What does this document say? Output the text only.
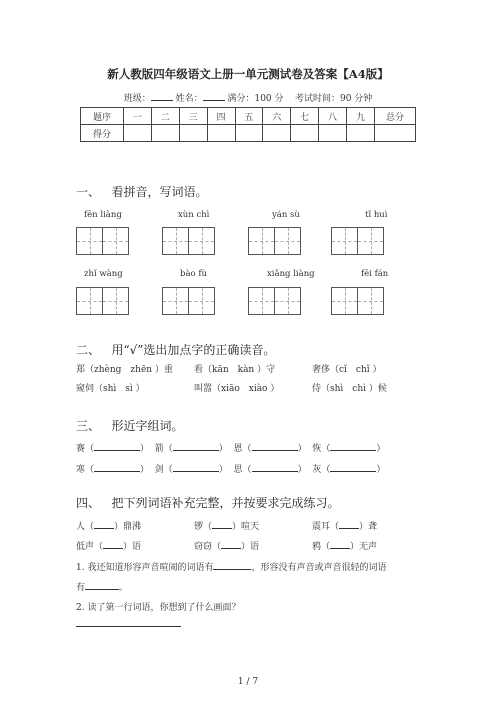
新人教版四年级语文上册一单元测试卷及答案【A4版】
班级：	姓名：	满分：100 分 考试时间：90 分钟
题序	一	二	三	四	五	六	七	八	九	总分
得分										
一、 看拼音，写词语。
fēn liàng	xùn chì	yán sù	tǐ huì
zhǐ wàng	bào fù	xiǎng liàng	fēi fán
二、 用“√”选出加点字的正确读音。
郑（zhèng　zhēn ）重 看（kān　kàn ）守	奢侈（cǐ　chǐ ）
窥伺（shì　sì ）	叫嚣（xiāo　xiào ）	侍（shì　chì ）候
三、 形近字组词。
赛（	）  箭（	）  恩（	）  恢（	）
寒（	）  剑（	）  思（	）  灰（	）
四、 把下列词语补充完整，并按要求完成练习。
人（ ）鼎沸	锣（ ）喧天	震耳（ ）聋
低声（ ）语	窃窃（ ）语	鸦（ ）无声
1. 我还知道形容声音喧闹的词语有	，形容没有声音或声音很轻的词语
有	。
2. 读了第一行词语，你想到了什么画面？
1 / 7
